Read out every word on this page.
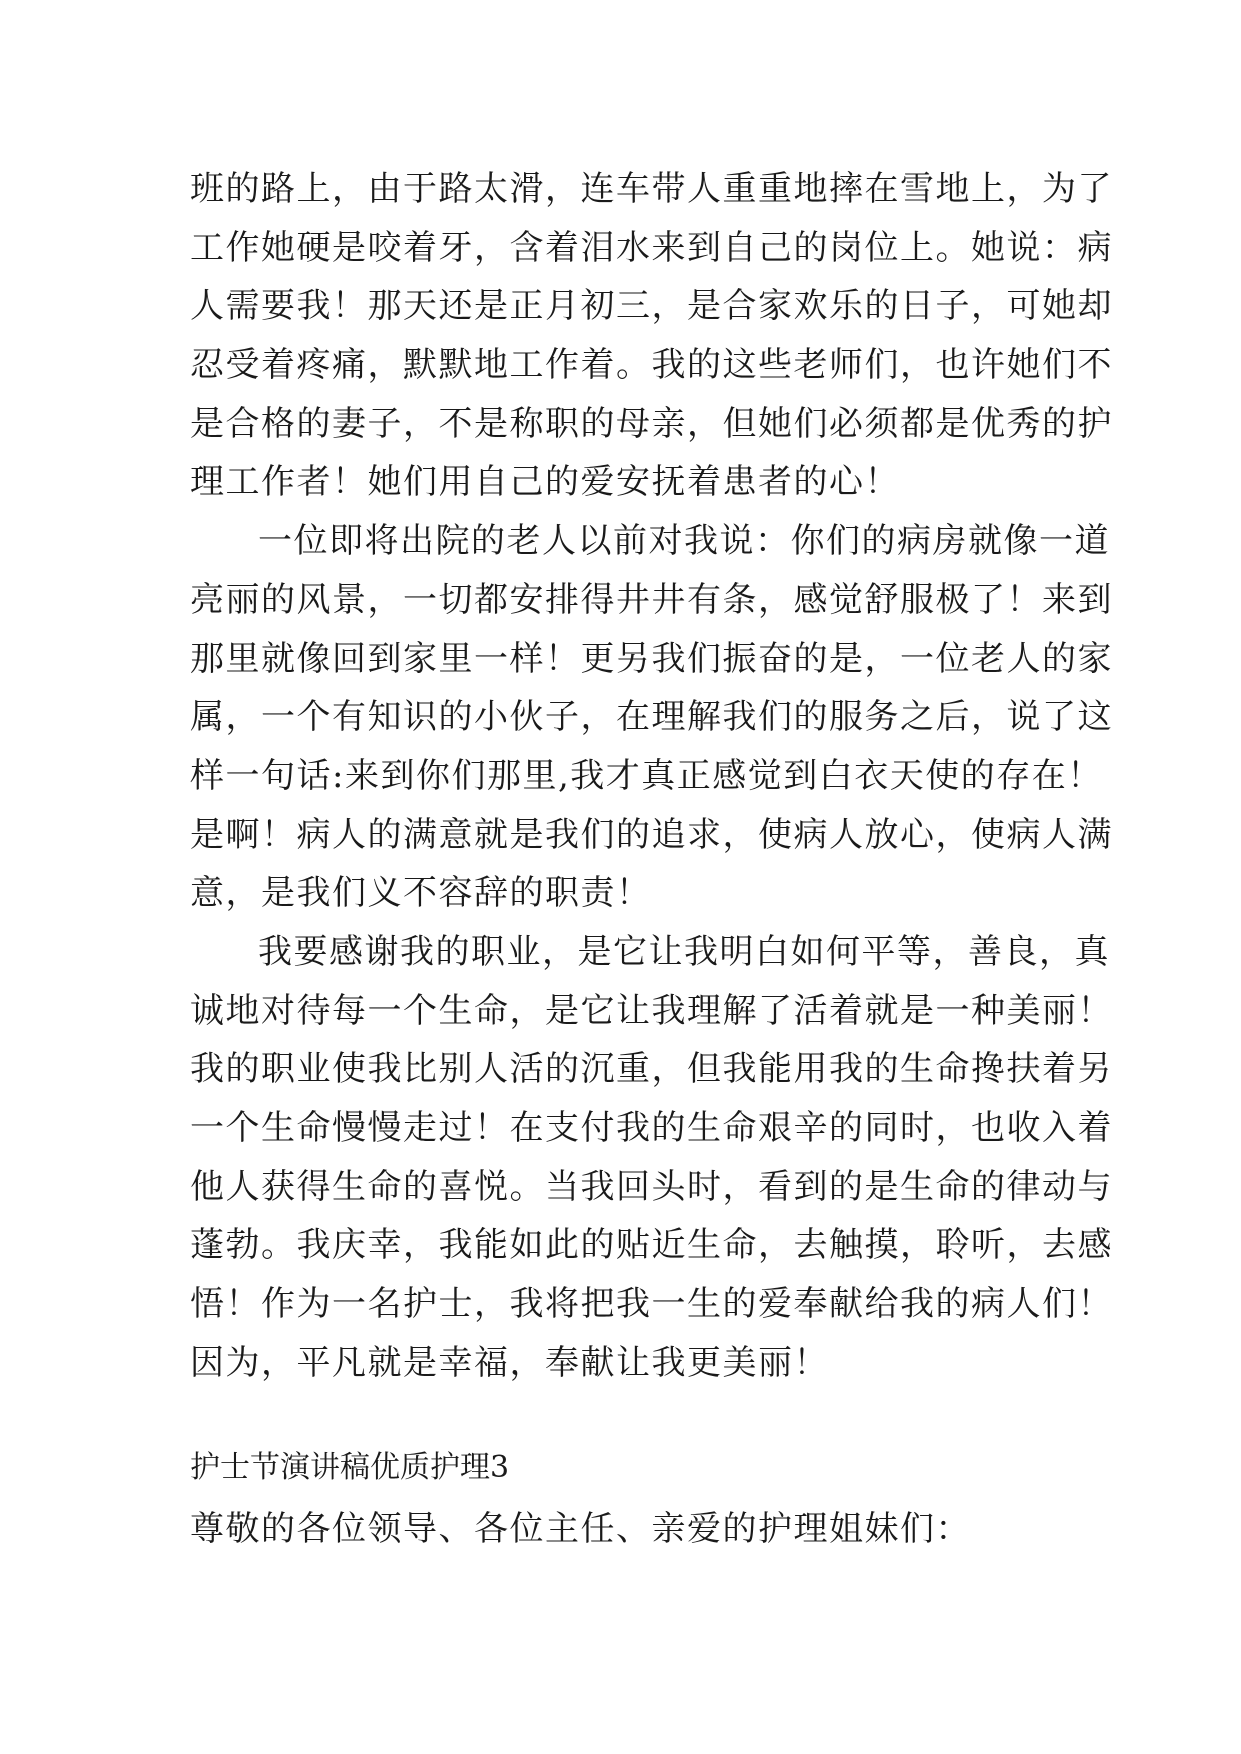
班的路上，由于路太滑，连车带人重重地摔在雪地上，为了
工作她硬是咬着牙，含着泪水来到自己的岗位上。她说：病
人需要我！那天还是正月初三，是合家欢乐的日子，可她却
忍受着疼痛，默默地工作着。我的这些老师们，也许她们不
是合格的妻子，不是称职的母亲，但她们必须都是优秀的护
理工作者！她们用自己的爱安抚着患者的心！
一位即将出院的老人以前对我说：你们的病房就像一道
亮丽的风景，一切都安排得井井有条，感觉舒服极了！来到
那里就像回到家里一样！更另我们振奋的是，一位老人的家
属，一个有知识的小伙子，在理解我们的服务之后，说了这
样一句话:来到你们那里,我才真正感觉到白衣天使的存在！
是啊！病人的满意就是我们的追求，使病人放心，使病人满
意，是我们义不容辞的职责！
我要感谢我的职业，是它让我明白如何平等，善良，真
诚地对待每一个生命，是它让我理解了活着就是一种美丽！
我的职业使我比别人活的沉重，但我能用我的生命搀扶着另
一个生命慢慢走过！在支付我的生命艰辛的同时，也收入着
他人获得生命的喜悦。当我回头时，看到的是生命的律动与
蓬勃。我庆幸，我能如此的贴近生命，去触摸，聆听，去感
悟！作为一名护士，我将把我一生的爱奉献给我的病人们！
因为，平凡就是幸福，奉献让我更美丽！
护士节演讲稿优质护理3
尊敬的各位领导、各位主任、亲爱的护理姐妹们：
